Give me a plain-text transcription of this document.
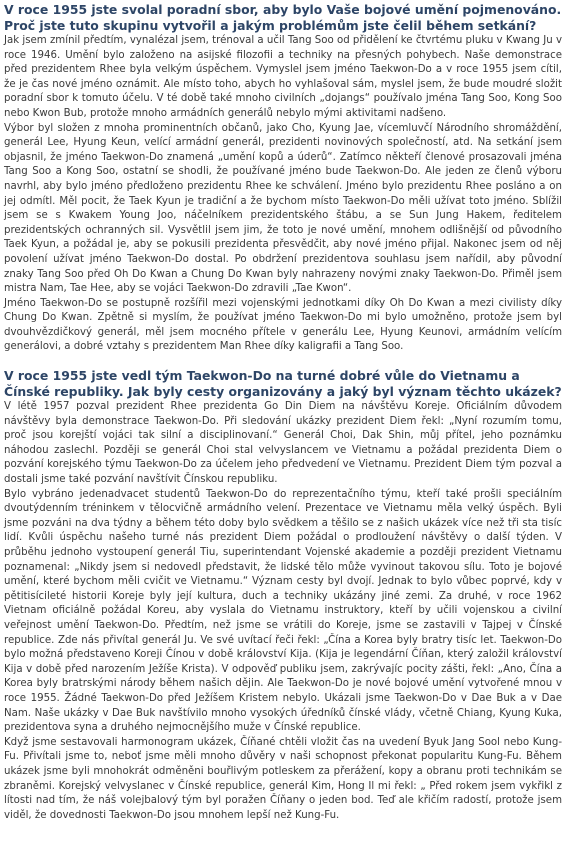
V roce 1955 jste svolal poradní sbor, aby bylo Vaše bojové umění pojmenováno. Proč jste tuto skupinu vytvořil a jakým problémům jste čelil během setkání?

Jak jsem zmínil předtím, vynalézal jsem, trénoval a učil Tang Soo od přidělení ke čtvrtému pluku v Kwang Ju v roce 1946. Umění bylo založeno na asijské filozofii a techniky na přesných pohybech. Naše demonstrace před prezidentem Rhee byla velkým úspěchem. Vymyslel jsem jméno Taekwon-Do a v roce 1955 jsem cítil, že je čas nové jméno oznámit. Ale místo toho, abych ho vyhlašoval sám, myslel jsem, že bude moudré složit poradní sbor k tomuto účelu. V té době také mnoho civilních „dojangs“ používalo jména Tang Soo, Kong Soo nebo Kwon Bub, protože mnoho armádních generálů nebylo mými aktivitami nadšeno.

Výbor byl složen z mnoha prominentních občanů, jako Cho, Kyung Jae, vícemluvčí Národního shromáždění, generál Lee, Hyung Keun, velící armádní generál, prezidenti novinových společností, atd. Na setkání jsem objasnil, že jméno Taekwon-Do znamená „umění kopů a úderů“. Zatímco někteří členové prosazovali jména Tang Soo a Kong Soo, ostatní se shodli, že používané jméno bude Taekwon-Do. Ale jeden ze členů výboru navrhl, aby bylo jméno předloženo prezidentu Rhee ke schválení. Jméno bylo prezidentu Rhee posláno a on jej odmítl. Měl pocit, že Taek Kyun je tradiční a že bychom místo Taekwon-Do měli užívat toto jméno. Sblížil jsem se s Kwakem Young Joo, náčelníkem prezidentského štábu, a se Sun Jung Hakem, ředitelem prezidentských ochranných sil. Vysvětlil jsem jim, že toto je nové umění, mnohem odlišnější od původního Taek Kyun, a požádal je, aby se pokusili prezidenta přesvědčit, aby nové jméno přijal. Nakonec jsem od něj povolení užívat jméno Taekwon-Do dostal. Po obdržení prezidentova souhlasu jsem nařídil, aby původní znaky Tang Soo před Oh Do Kwan a Chung Do Kwan byly nahrazeny novými znaky Taekwon-Do. Přiměl jsem mistra Nam, Tae Hee, aby se vojáci Taekwon-Do zdravili „Tae Kwon“.

Jméno Taekwon-Do se postupně rozšířil mezi vojenskými jednotkami díky Oh Do Kwan a mezi civilisty díky Chung Do Kwan. Zpětně si myslím, že používat jméno Taekwon-Do mi bylo umožněno, protože jsem byl dvouhvězdičkový generál, měl jsem mocného přítele v generálu Lee, Hyung Keunovi, armádním velícím generálovi, a dobré vztahy s prezidentem Man Rhee díky kaligrafii a Tang Soo.

V roce 1955 jste vedl tým Taekwon-Do na turné dobré vůle do Vietnamu a Čínské republiky. Jak byly cesty organizovány a jaký byl význam těchto ukázek?

V létě 1957 pozval prezident Rhee prezidenta Go Din Diem na návštěvu Koreje. Oficiálním důvodem návštěvy byla demonstrace Taekwon-Do. Při sledování ukázky prezident Diem řekl: „Nyní rozumím tomu, proč jsou korejští vojáci tak silní a disciplinovaní.“ Generál Choi, Dak Shin, můj přítel, jeho poznámku náhodou zaslechl. Později se generál Choi stal velvyslancem ve Vietnamu a požádal prezidenta Diem o pozvání korejského týmu Taekwon-Do za účelem jeho předvedení ve Vietnamu. Prezident Diem tým pozval a dostali jsme také pozvání navštívit Čínskou republiku.

Bylo vybráno jedenadvacet studentů Taekwon-Do do reprezentačního týmu, kteří také prošli speciálním dvoutýdenním tréninkem v tělocvičně armádního velení. Prezentace ve Vietnamu měla velký úspěch. Byli jsme pozváni na dva týdny a během této doby bylo svědkem a těšilo se z našich ukázek více než tři sta tisíc lidí. Kvůli úspěchu našeho turné nás prezident Diem požádal o prodloužení návštěvy o další týden. V průběhu jednoho vystoupení generál Tiu, superintendant Vojenské akademie a později prezident Vietnamu poznamenal: „Nikdy jsem si nedovedl představit, že lidské tělo může vyvinout takovou sílu. Toto je bojové umění, které bychom měli cvičit ve Vietnamu.“ Význam cesty byl dvojí. Jednak to bylo vůbec poprvé, kdy v pětitisícileté historii Koreje byly její kultura, duch a techniky ukázány jiné zemi. Za druhé, v roce 1962 Vietnam oficiálně požádal Koreu, aby vyslala do Vietnamu instruktory, kteří by učili vojenskou a civilní veřejnost umění Taekwon-Do. Předtím, než jsme se vrátili do Koreje, jsme se zastavili v Tajpej v Čínské republice. Zde nás přivítal generál Ju. Ve své uvítací řeči řekl: „Čína a Korea byly bratry tisíc let. Taekwon-Do bylo možná představeno Koreji Čínou v době království Kija. (Kija je legendární Číňan, který založil království Kija v době před narozením Ježíše Krista). V odpověď publiku jsem, zakrývajíc pocity zášti, řekl: „Ano, Čína a Korea byly bratrskými národy během našich dějin. Ale Taekwon-Do je nové bojové umění vytvořené mnou v roce 1955. Žádné Taekwon-Do před Ježíšem Kristem nebylo. Ukázali jsme Taekwon-Do v Dae Buk a v Dae Nam. Naše ukázky v Dae Buk navštívilo mnoho vysokých úředníků čínské vlády, včetně Chiang, Kyung Kuka, prezidentova syna a druhého nejmocnějšího muže v Čínské republice.

Když jsme sestavovali harmonogram ukázek, Číňané chtěli vložit čas na uvedení Byuk Jang Sool nebo Kung-Fu. Přivítali jsme to, neboť jsme měli mnoho důvěry v naši schopnost překonat popularitu Kung-Fu. Během ukázek jsme byli mnohokrát odměněni bouřlivým potleskem za přerážení, kopy a obranu proti technikám se zbraněmi. Korejský velvyslanec v Čínské republice, generál Kim, Hong Il mi řekl: „ Před rokem jsem vykřikl z lítosti nad tím, že náš volejbalový tým byl poražen Číňany o jeden bod. Teď ale křičím radostí, protože jsem viděl, že dovednosti Taekwon-Do jsou mnohem lepší než Kung-Fu.
